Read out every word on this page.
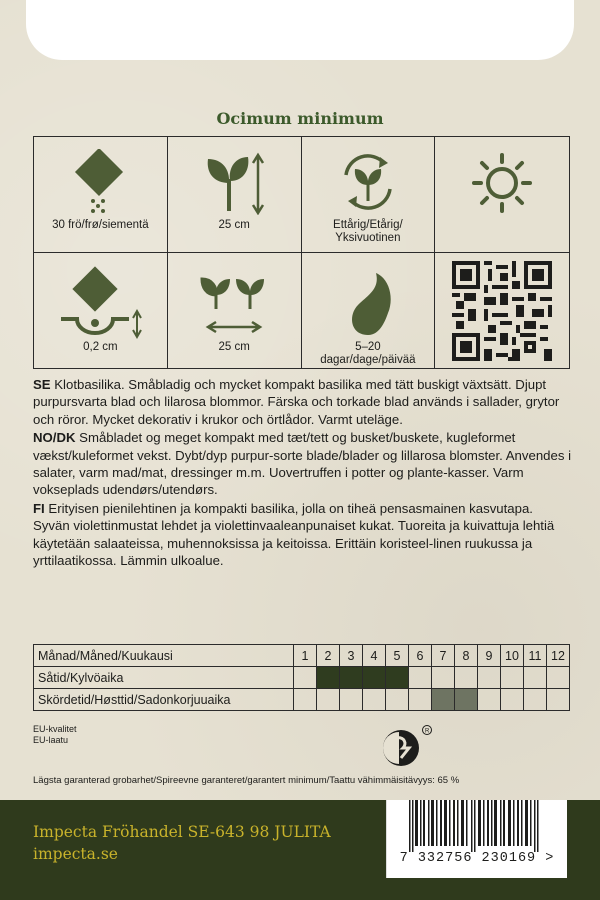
Ocimum minimum
30 frö/frø/siementä	25 cm	Ettårig/Etårig/
Yksivuotinen
0,2 cm	25 cm	5–20
dagar/dage/päivää

SE Klotbasilika. Småbladig och mycket kompakt basilika med tätt buskigt växtsätt. Djupt purpursvarta blad och lilarosa blommor. Färska och torkade blad används i sallader, grytor och röror. Mycket dekorativ i krukor och örtlådor. Varmt uteläge.

NO/DK Småbladet og meget kompakt med tæt/tett og busket/buskete, kugleformet vækst/kuleformet vekst. Dybt/dyp purpur-sorte blade/blader og lillarosa blomster. Anvendes i salater, varm mad/mat, dressinger m.m. Uovertruffen i potter og plante-kasser. Varm vokseplads udendørs/utendørs.

FI Erityisen pienilehtinen ja kompakti basilika, jolla on tiheä pensasmainen kasvutapa. Syvän violettinmustat lehdet ja violettinvaaleanpunaiset kukat. Tuoreita ja kuivattuja lehtiä käytetään salaateissa, muhennoksissa ja keitoissa. Erittäin koristeel-linen ruukussa ja yrttilaatikossa. Lämmin ulkoalue.

Månad/Måned/Kuukausi	1	2	3	4	5	6	7	8	9	10	11	12
Såtid/Kylvöaika												
Skördetid/Høsttid/Sadonkorjuuaika												
EU-kvalitet
EU-laatu
R
Lägsta garanterad grobarhet/Spireevne garanteret/garantert minimum/Taattu vähimmäisitävyys: 65 %
Impecta Fröhandel SE-643 98 JULITA
impecta.se	7 332756 230169 >
